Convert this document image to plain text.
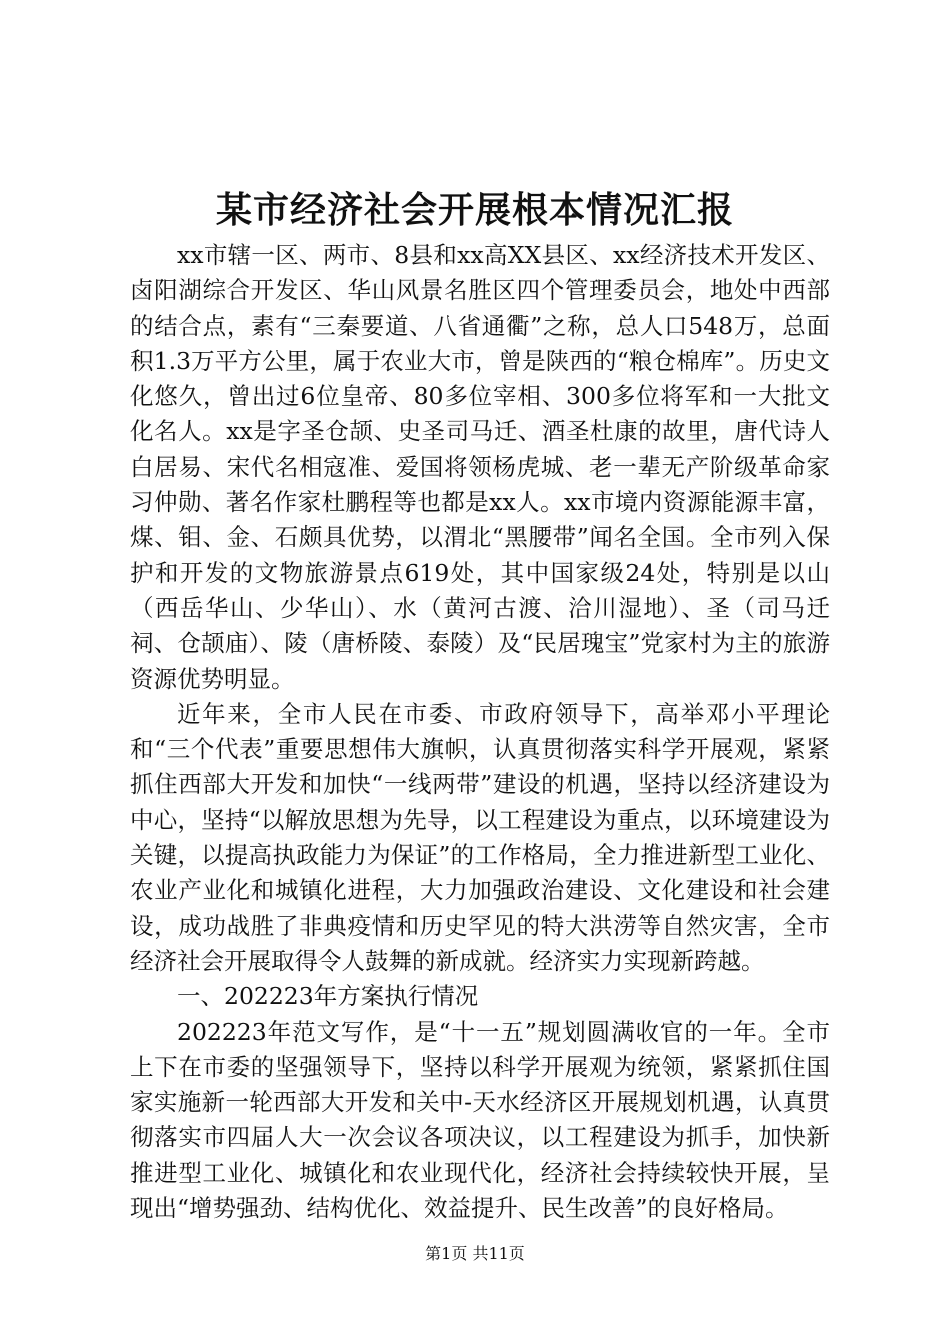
某市经济社会开展根本情况汇报

xx市辖一区、两市、8县和xx高XX县区、xx经济技术开发区、卤阳湖综合开发区、华山风景名胜区四个管理委员会，地处中西部的结合点，素有“三秦要道、八省通衢”之称，总人口548万，总面积1.3万平方公里，属于农业大市，曾是陕西的“粮仓棉库”。历史文化悠久，曾出过6位皇帝、80多位宰相、300多位将军和一大批文化名人。xx是字圣仓颉、史圣司马迁、酒圣杜康的故里，唐代诗人白居易、宋代名相寇准、爱国将领杨虎城、老一辈无产阶级革命家习仲勋、著名作家杜鹏程等也都是xx人。xx市境内资源能源丰富，煤、钼、金、石颇具优势，以渭北“黑腰带”闻名全国。全市列入保护和开发的文物旅游景点619处，其中国家级24处，特别是以山（西岳华山、少华山）、水（黄河古渡、洽川湿地）、圣（司马迁祠、仓颉庙）、陵（唐桥陵、泰陵）及“民居瑰宝”党家村为主的旅游资源优势明显。

近年来，全市人民在市委、市政府领导下，高举邓小平理论和“三个代表”重要思想伟大旗帜，认真贯彻落实科学开展观，紧紧抓住西部大开发和加快“一线两带”建设的机遇，坚持以经济建设为中心，坚持“以解放思想为先导，以工程建设为重点，以环境建设为关键，以提高执政能力为保证”的工作格局，全力推进新型工业化、农业产业化和城镇化进程，大力加强政治建设、文化建设和社会建设，成功战胜了非典疫情和历史罕见的特大洪涝等自然灾害，全市经济社会开展取得令人鼓舞的新成就。经济实力实现新跨越。

一、202223年方案执行情况

202223年范文写作，是“十一五”规划圆满收官的一年。全市上下在市委的坚强领导下，坚持以科学开展观为统领，紧紧抓住国家实施新一轮西部大开发和关中-天水经济区开展规划机遇，认真贯彻落实市四届人大一次会议各项决议，以工程建设为抓手，加快新推进型工业化、城镇化和农业现代化，经济社会持续较快开展，呈现出“增势强劲、结构优化、效益提升、民生改善”的良好格局。

第1页 共11页
